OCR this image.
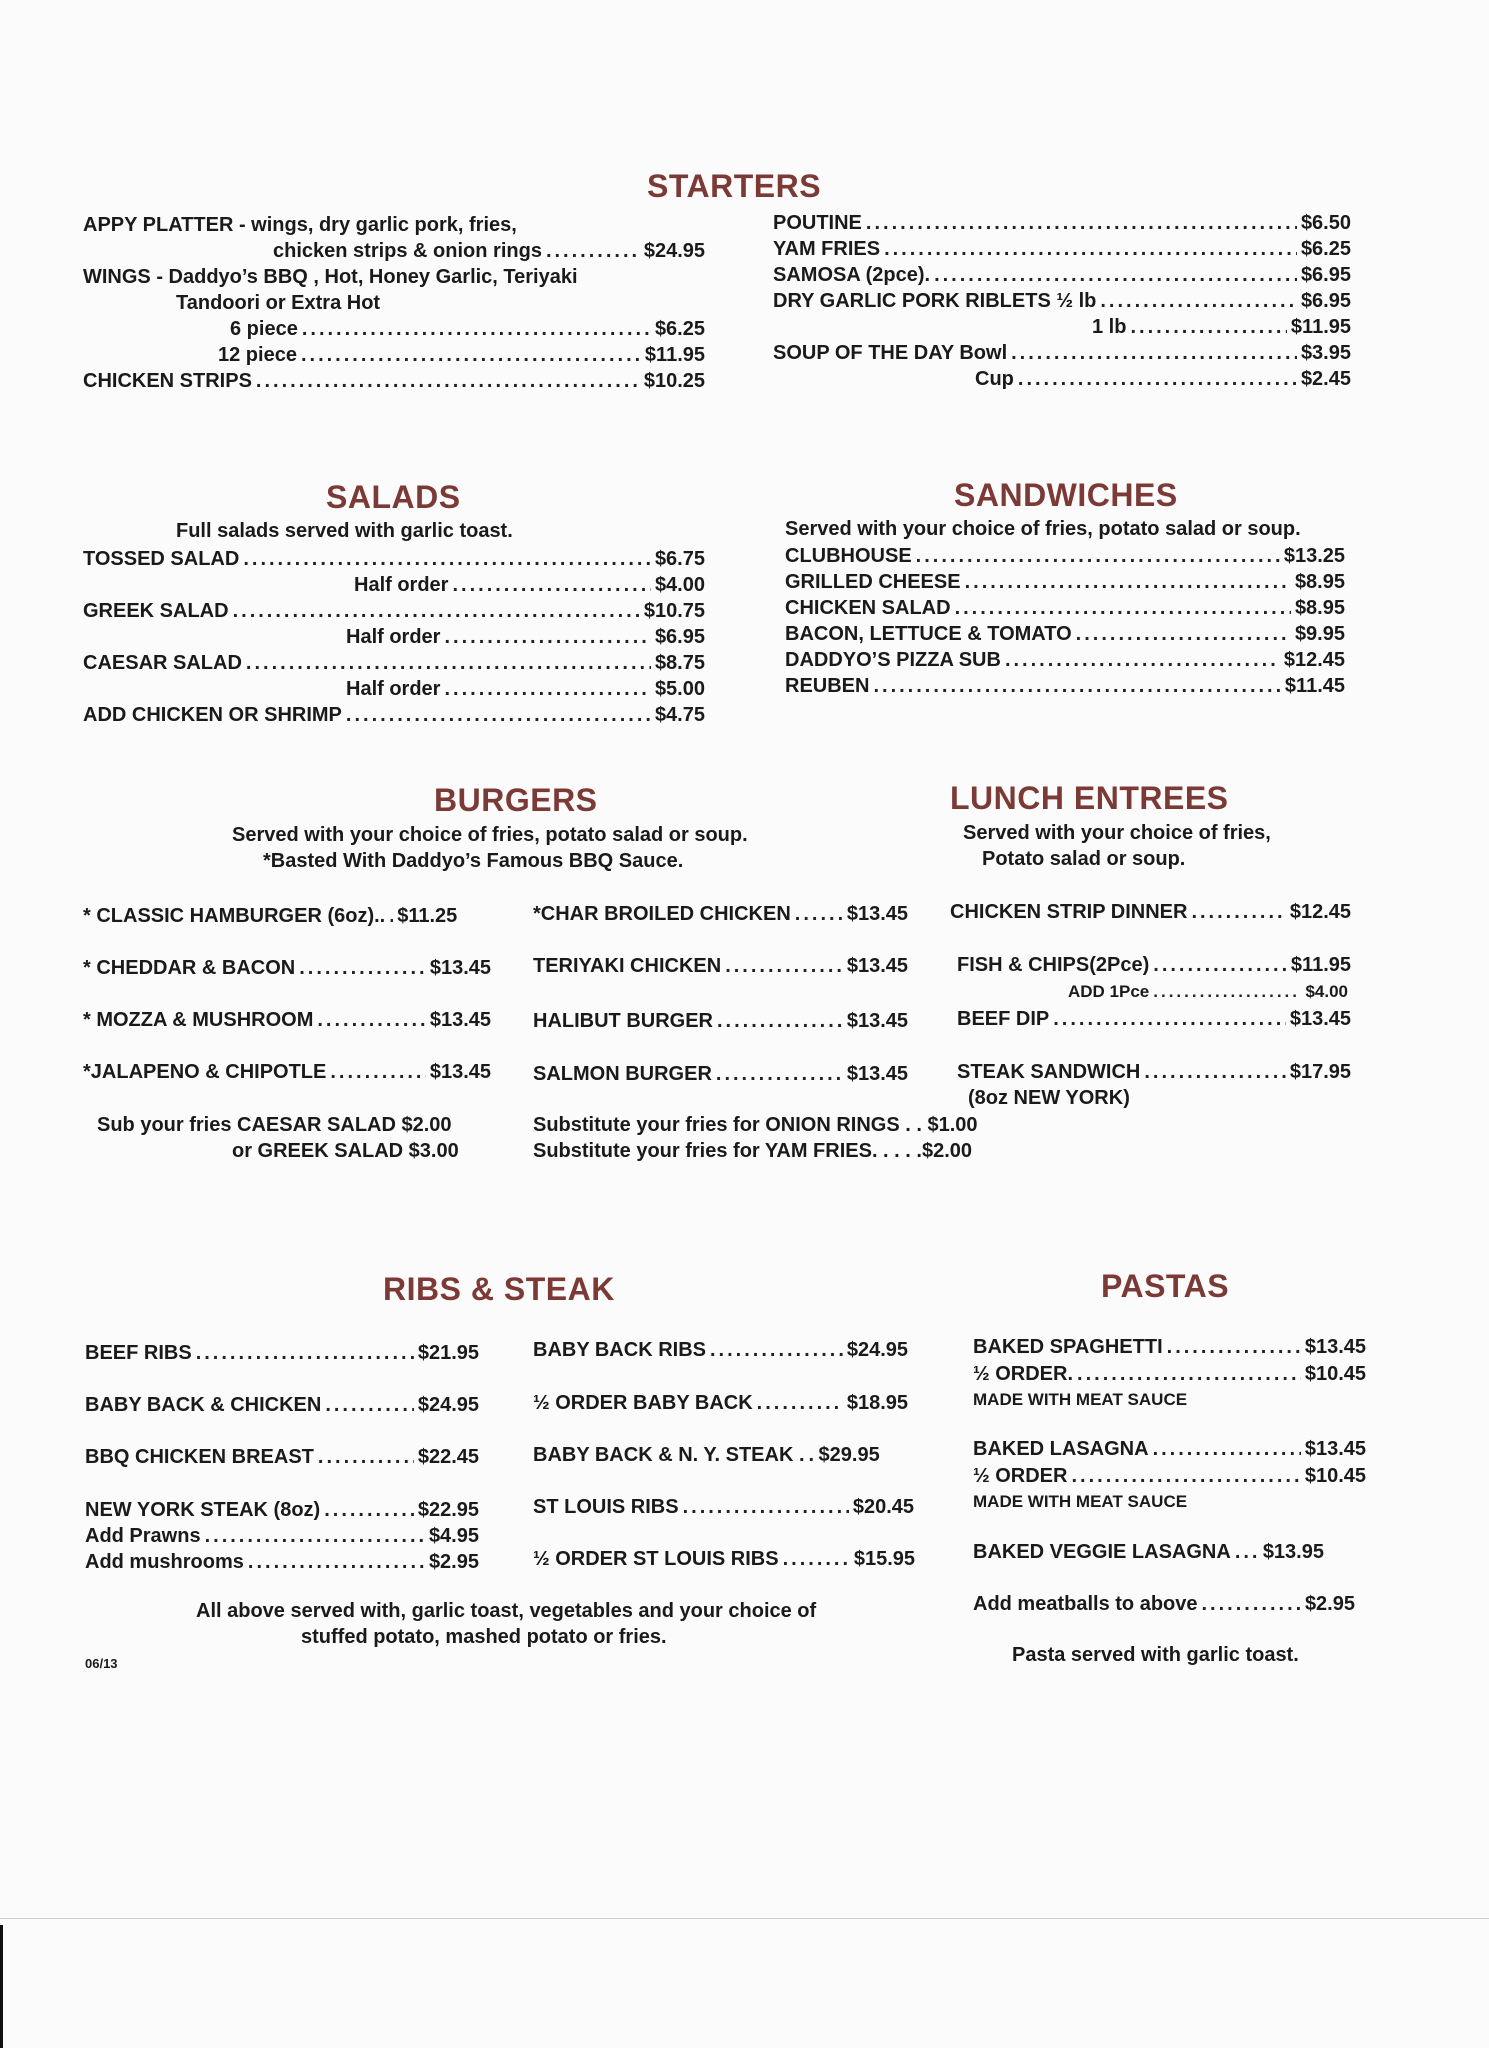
STARTERS
APPY PLATTER - wings, dry garlic pork, fries,
chicken strips & onion rings .....	$24.95
WINGS - Daddyo’s BBQ , Hot, Honey Garlic, Teriyaki
Tandoori or Extra Hot
6 piece .....	$6.25
12 piece .....	$11.95
CHICKEN STRIPS .....	$10.25
POUTINE .....	$6.50
YAM FRIES .....	$6.25
SAMOSA (2pce). .....	$6.95
DRY GARLIC PORK RIBLETS ½ lb .....	$6.95
1 lb .....	$11.95
SOUP OF THE DAY Bowl .....	$3.95
Cup .....	$2.45
SALADS
Full salads served with garlic toast.
TOSSED SALAD .....	$6.75
Half order .....	$4.00
GREEK SALAD .....	$10.75
Half order .....	$6.95
CAESAR SALAD .....	$8.75
Half order .....	$5.00
ADD CHICKEN OR SHRIMP .....	$4.75
SANDWICHES
Served with your choice of fries, potato salad or soup.
CLUBHOUSE .....	$13.25
GRILLED CHEESE .....	$8.95
CHICKEN SALAD .....	$8.95
BACON, LETTUCE & TOMATO .....	$9.95
DADDYO’S PIZZA SUB .....	$12.45
REUBEN .....	$11.45
BURGERS
Served with your choice of fries, potato salad or soup.
*Basted With Daddyo’s Famous BBQ Sauce.
* CLASSIC HAMBURGER (6oz).. ..... $11.25
* CHEDDAR & BACON .....	$13.45
* MOZZA & MUSHROOM .....	$13.45
*JALAPENO & CHIPOTLE .....	$13.45
*CHAR BROILED CHICKEN .....	$13.45
TERIYAKI CHICKEN .....	$13.45
HALIBUT BURGER .....	$13.45
SALMON BURGER .....	$13.45
Sub your fries CAESAR SALAD $2.00
or GREEK SALAD $3.00
Substitute your fries for ONION RINGS . . $1.00
Substitute your fries for YAM FRIES. . . . .$2.00
LUNCH ENTREES
Served with your choice of fries,
Potato salad or soup.
CHICKEN STRIP DINNER .....	$12.45
FISH & CHIPS(2Pce) .....	$11.95
ADD 1Pce .....	$4.00
BEEF DIP .....	$13.45
STEAK SANDWICH .....	$17.95
(8oz NEW YORK)
RIBS & STEAK
BEEF RIBS .....	$21.95
BABY BACK & CHICKEN .....	$24.95
BBQ CHICKEN BREAST .....	$22.45
NEW YORK STEAK (8oz) .....	$22.95
Add Prawns .....	$4.95
Add mushrooms .....	$2.95
BABY BACK RIBS .....	$24.95
½ ORDER BABY BACK .....	$18.95
BABY BACK & N. Y. STEAK . ..... $29.95
ST LOUIS RIBS .....	$20.45
½ ORDER ST LOUIS RIBS .....	$15.95
All above served with, garlic toast, vegetables and your choice of
stuffed potato, mashed potato or fries.
PASTAS
BAKED SPAGHETTI .....	$13.45
½ ORDER. .....	$10.45
MADE WITH MEAT SAUCE
BAKED LASAGNA .....	$13.45
½ ORDER .....	$10.45
MADE WITH MEAT SAUCE
BAKED VEGGIE LASAGNA ..... $13.95
Add meatballs to above .....	$2.95
Pasta served with garlic toast.
06/13
